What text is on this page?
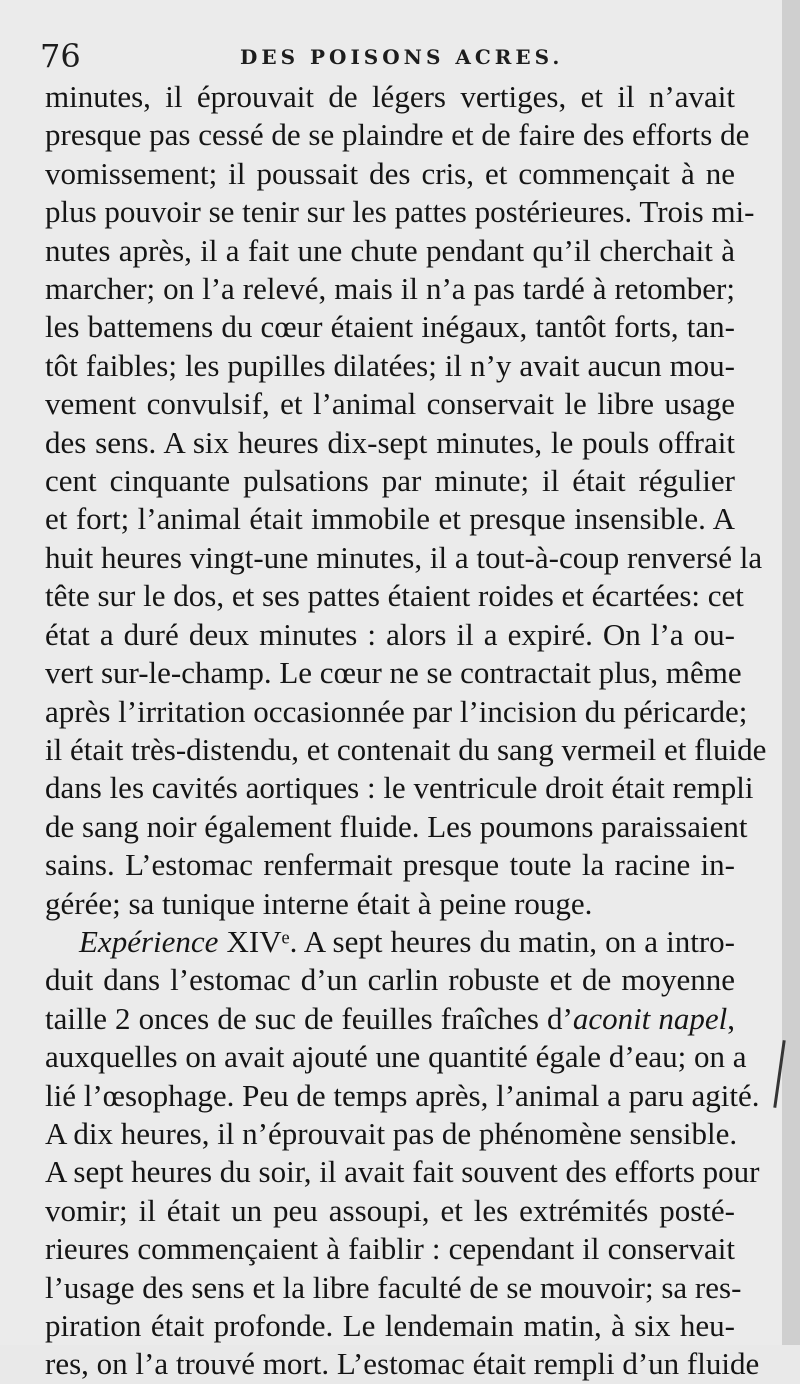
76	DES POISONS ACRES.
minutes, il éprouvait de légers vertiges, et il n’avait
presque pas cessé de se plaindre et de faire des efforts de
vomissement; il poussait des cris, et commençait à ne
plus pouvoir se tenir sur les pattes postérieures. Trois mi-
nutes après, il a fait une chute pendant qu’il cherchait à
marcher; on l’a relevé, mais il n’a pas tardé à retomber;
les battemens du cœur étaient inégaux, tantôt forts, tan-
tôt faibles; les pupilles dilatées; il n’y avait aucun mou-
vement convulsif, et l’animal conservait le libre usage
des sens. A six heures dix-sept minutes, le pouls offrait
cent cinquante pulsations par minute; il était régulier
et fort; l’animal était immobile et presque insensible. A
huit heures vingt-une minutes, il a tout-à-coup renversé la
tête sur le dos, et ses pattes étaient roides et écartées: cet
état a duré deux minutes : alors il a expiré. On l’a ou-
vert sur-le-champ. Le cœur ne se contractait plus, même
après l’irritation occasionnée par l’incision du péricarde;
il était très-distendu, et contenait du sang vermeil et fluide
dans les cavités aortiques : le ventricule droit était rempli
de sang noir également fluide. Les poumons paraissaient
sains. L’estomac renfermait presque toute la racine in-
gérée; sa tunique interne était à peine rouge.
Expérience XIVᵉ. A sept heures du matin, on a intro-
duit dans l’estomac d’un carlin robuste et de moyenne
taille 2 onces de suc de feuilles fraîches d’aconit napel,
auxquelles on avait ajouté une quantité égale d’eau; on a
lié l’œsophage. Peu de temps après, l’animal a paru agité.
A dix heures, il n’éprouvait pas de phénomène sensible.
A sept heures du soir, il avait fait souvent des efforts pour
vomir; il était un peu assoupi, et les extrémités posté-
rieures commençaient à faiblir : cependant il conservait
l’usage des sens et la libre faculté de se mouvoir; sa res-
piration était profonde. Le lendemain matin, à six heu-
res, on l’a trouvé mort. L’estomac était rempli d’un fluide
